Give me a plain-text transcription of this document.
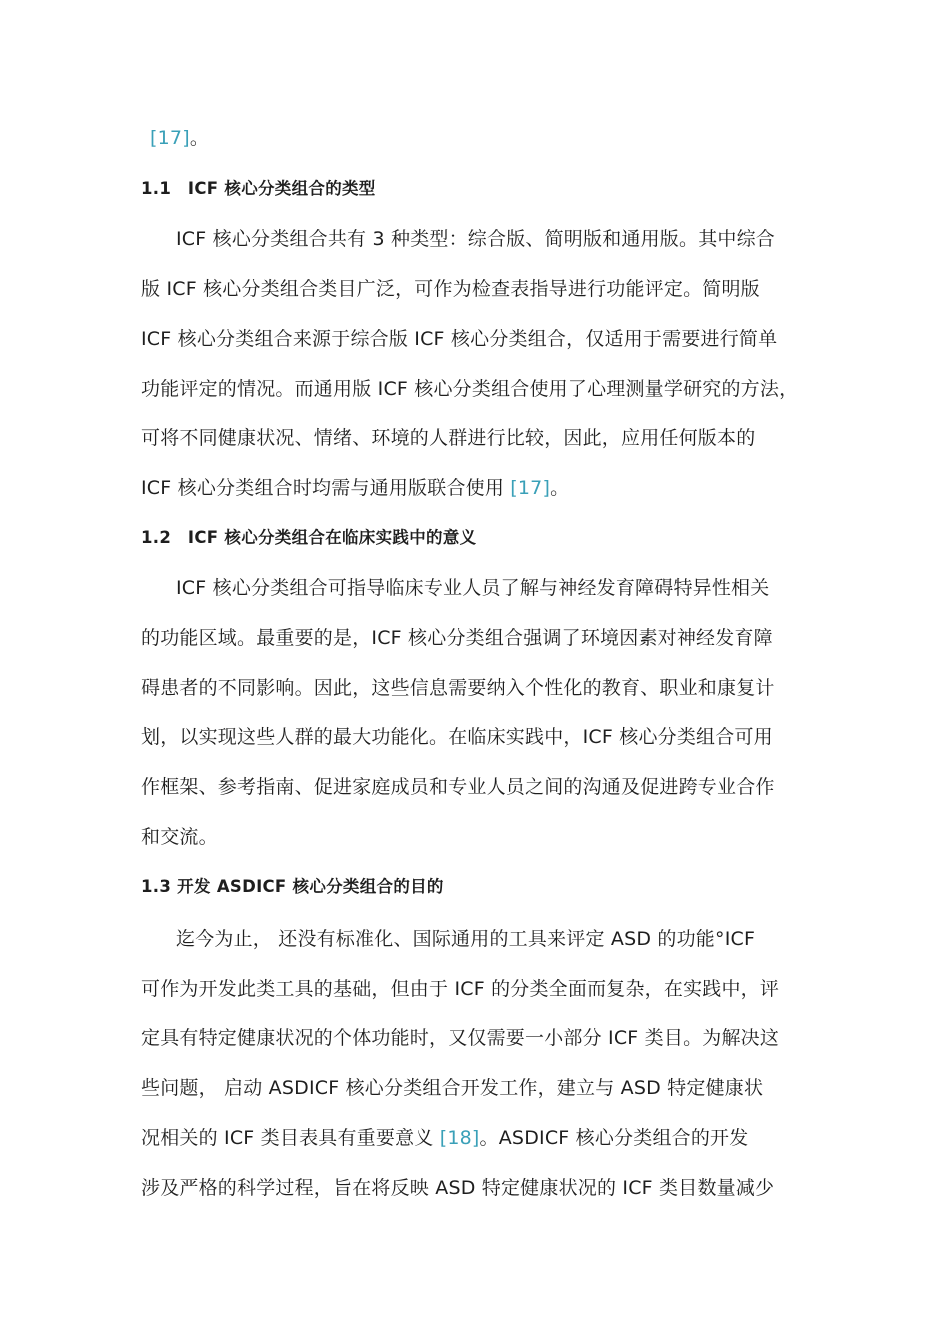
[17]。
1.1　ICF 核心分类组合的类型
ICF 核心分类组合共有 3 种类型：综合版、简明版和通用版。其中综合
版 ICF 核心分类组合类目广泛，可作为检查表指导进行功能评定。简明版
ICF 核心分类组合来源于综合版 ICF 核心分类组合，仅适用于需要进行简单
功能评定的情况。而通用版 ICF 核心分类组合使用了心理测量学研究的方法，
可将不同健康状况、情绪、环境的人群进行比较，因此，应用任何版本的
ICF 核心分类组合时均需与通用版联合使用 [17]。
1.2　ICF 核心分类组合在临床实践中的意义
ICF 核心分类组合可指导临床专业人员了解与神经发育障碍特异性相关
的功能区域。最重要的是，ICF 核心分类组合强调了环境因素对神经发育障
碍患者的不同影响。因此，这些信息需要纳入个性化的教育、职业和康复计
划，以实现这些人群的最大功能化。在临床实践中，ICF 核心分类组合可用
作框架、参考指南、促进家庭成员和专业人员之间的沟通及促进跨专业合作
和交流。
1.3 开发 ASDICF 核心分类组合的目的
迄今为止， 还没有标准化、国际通用的工具来评定 ASD 的功能°ICF
可作为开发此类工具的基础，但由于 ICF 的分类全面而复杂，在实践中，评
定具有特定健康状况的个体功能时，又仅需要一小部分 ICF 类目。为解决这
些问题， 启动 ASDICF 核心分类组合开发工作，建立与 ASD 特定健康状
况相关的 ICF 类目表具有重要意义 [18]。ASDICF 核心分类组合的开发
涉及严格的科学过程，旨在将反映 ASD 特定健康状况的 ICF 类目数量减少
